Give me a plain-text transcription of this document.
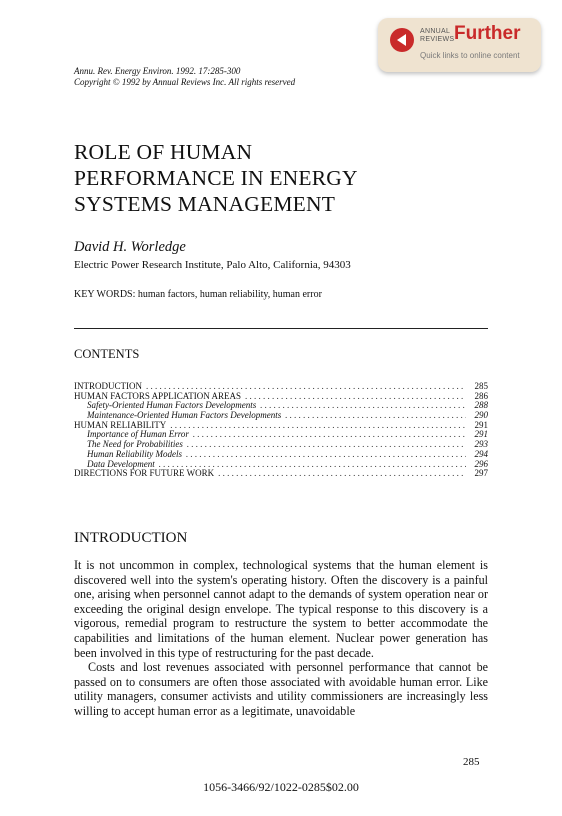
Annu. Rev. Energy Environ. 1992. 17:285-300
Copyright © 1992 by Annual Reviews Inc. All rights reserved
ANNUAL
REVIEWS Further
Quick links to online content
ROLE OF HUMAN
PERFORMANCE IN ENERGY
SYSTEMS MANAGEMENT
David H. Worledge
Electric Power Research Institute, Palo Alto, California, 94303
KEY WORDS: human factors, human reliability, human error
CONTENTS
INTRODUCTION . . .	285
HUMAN FACTORS APPLICATION AREAS . . .	286
Safety-Oriented Human Factors Developments . . .	288
Maintenance-Oriented Human Factors Developments . . .	290
HUMAN RELIABILITY . . .	291
Importance of Human Error . . .	291
The Need for Probabilities . . .	293
Human Reliability Models . . .	294
Data Development . . .	296
DIRECTIONS FOR FUTURE WORK . . .	297
INTRODUCTION

It is not uncommon in complex, technological systems that the human element is discovered well into the system's operating history. Often the discovery is a painful one, arising when personnel cannot adapt to the demands of system operation near or exceeding the original design envelope. The typical response to this discovery is a vigorous, remedial program to restructure the system to better accommodate the capabilities and limitations of the human element. Nuclear power generation has been involved in this type of restructuring for the past decade.

Costs and lost revenues associated with personnel performance that cannot be passed on to consumers are often those associated with avoidable human error. Like utility managers, consumer activists and utility commissioners are increasingly less willing to accept human error as a legitimate, unavoidable

285
1056-3466/92/1022-0285$02.00
